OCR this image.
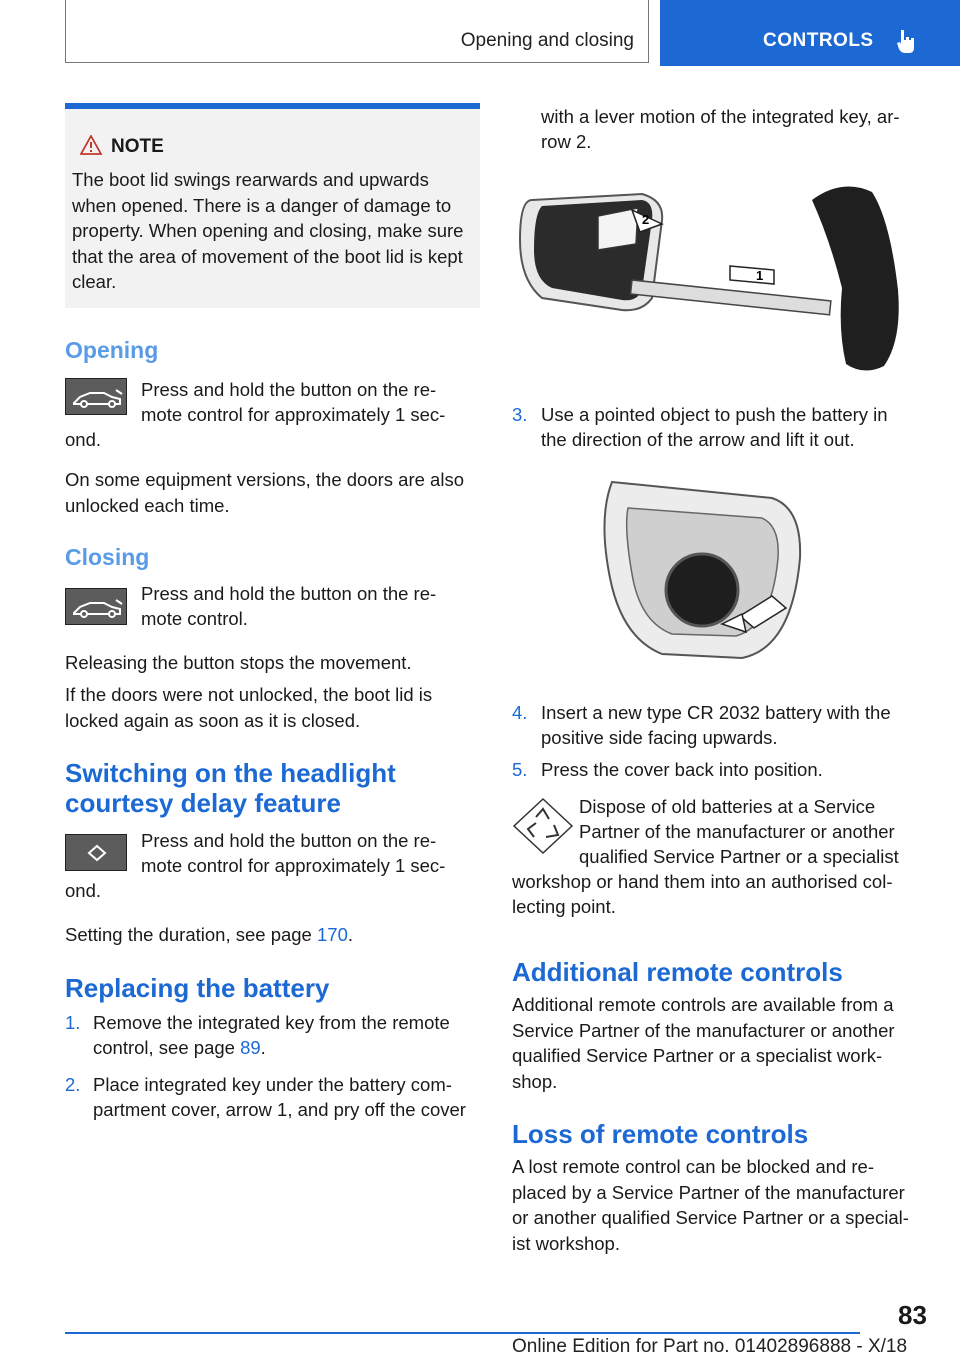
Opening and closing	CONTROLS
NOTE
The boot lid swings rearwards and upwards when opened. There is a danger of damage to property. When opening and closing, make sure that the area of movement of the boot lid is kept clear.
Opening

Press and hold the button on the re-

mote control for approximately 1 sec-

ond.

On some equipment versions, the doors are also unlocked each time.

Closing

Press and hold the button on the re-

mote control.

Releasing the button stops the movement.

If the doors were not unlocked, the boot lid is locked again as soon as it is closed.

Switching on the headlight
courtesy delay feature

Press and hold the button on the re-

mote control for approximately 1 sec-

ond.

Setting the duration, see page 170.

Replacing the battery
1. Remove the integrated key from the remote

control, see page 89.

2. Place integrated key under the battery com-

partment cover, arrow 1, and pry off the cover

with a lever motion of the integrated key, ar-

row 2.

2
1
3. Use a pointed object to push the battery in

the direction of the arrow and lift it out.

4. Insert a new type CR 2032 battery with the

positive side facing upwards.

5. Press the cover back into position.

Dispose of old batteries at a Service

Partner of the manufacturer or another

qualified Service Partner or a specialist

workshop or hand them into an authorised col-

lecting point.

Additional remote controls

Additional remote controls are available from a Service Partner of the manufacturer or another qualified Service Partner or a specialist work-shop.

Loss of remote controls

A lost remote control can be blocked and re-placed by a Service Partner of the manufacturer or another qualified Service Partner or a special-ist workshop.

83
Online Edition for Part no. 01402896888 - X/18
